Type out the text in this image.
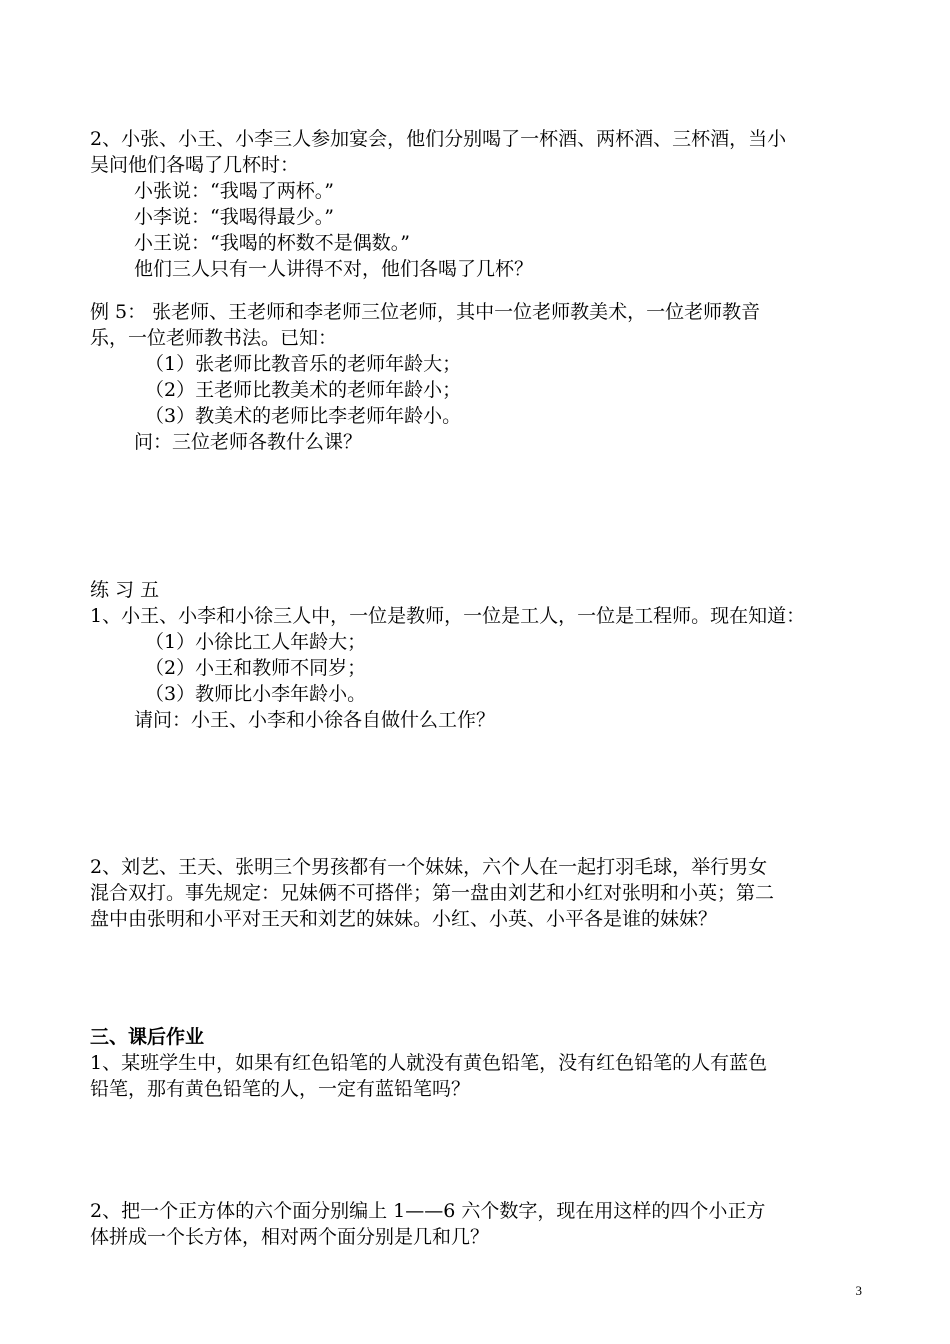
2、小张、小王、小李三人参加宴会，他们分别喝了一杯酒、两杯酒、三杯酒，当小
吴问他们各喝了几杯时：
小张说：“我喝了两杯。”
小李说：“我喝得最少。”
小王说：“我喝的杯数不是偶数。”
他们三人只有一人讲得不对，他们各喝了几杯？
例 5： 张老师、王老师和李老师三位老师，其中一位老师教美术，一位老师教音
乐，一位老师教书法。已知：
（1）张老师比教音乐的老师年龄大；
（2）王老师比教美术的老师年龄小；
（3）教美术的老师比李老师年龄小。
问：三位老师各教什么课？
练 习 五
1、小王、小李和小徐三人中，一位是教师，一位是工人，一位是工程师。现在知道：
（1）小徐比工人年龄大；
（2）小王和教师不同岁；
（3）教师比小李年龄小。
请问：小王、小李和小徐各自做什么工作？
2、刘艺、王天、张明三个男孩都有一个妹妹，六个人在一起打羽毛球，举行男女
混合双打。事先规定：兄妹俩不可搭伴；第一盘由刘艺和小红对张明和小英；第二
盘中由张明和小平对王天和刘艺的妹妹。小红、小英、小平各是谁的妹妹？
三、课后作业
1、某班学生中，如果有红色铅笔的人就没有黄色铅笔，没有红色铅笔的人有蓝色
铅笔，那有黄色铅笔的人，一定有蓝铅笔吗？
2、把一个正方体的六个面分别编上 1——6 六个数字，现在用这样的四个小正方
体拼成一个长方体，相对两个面分别是几和几？
3
